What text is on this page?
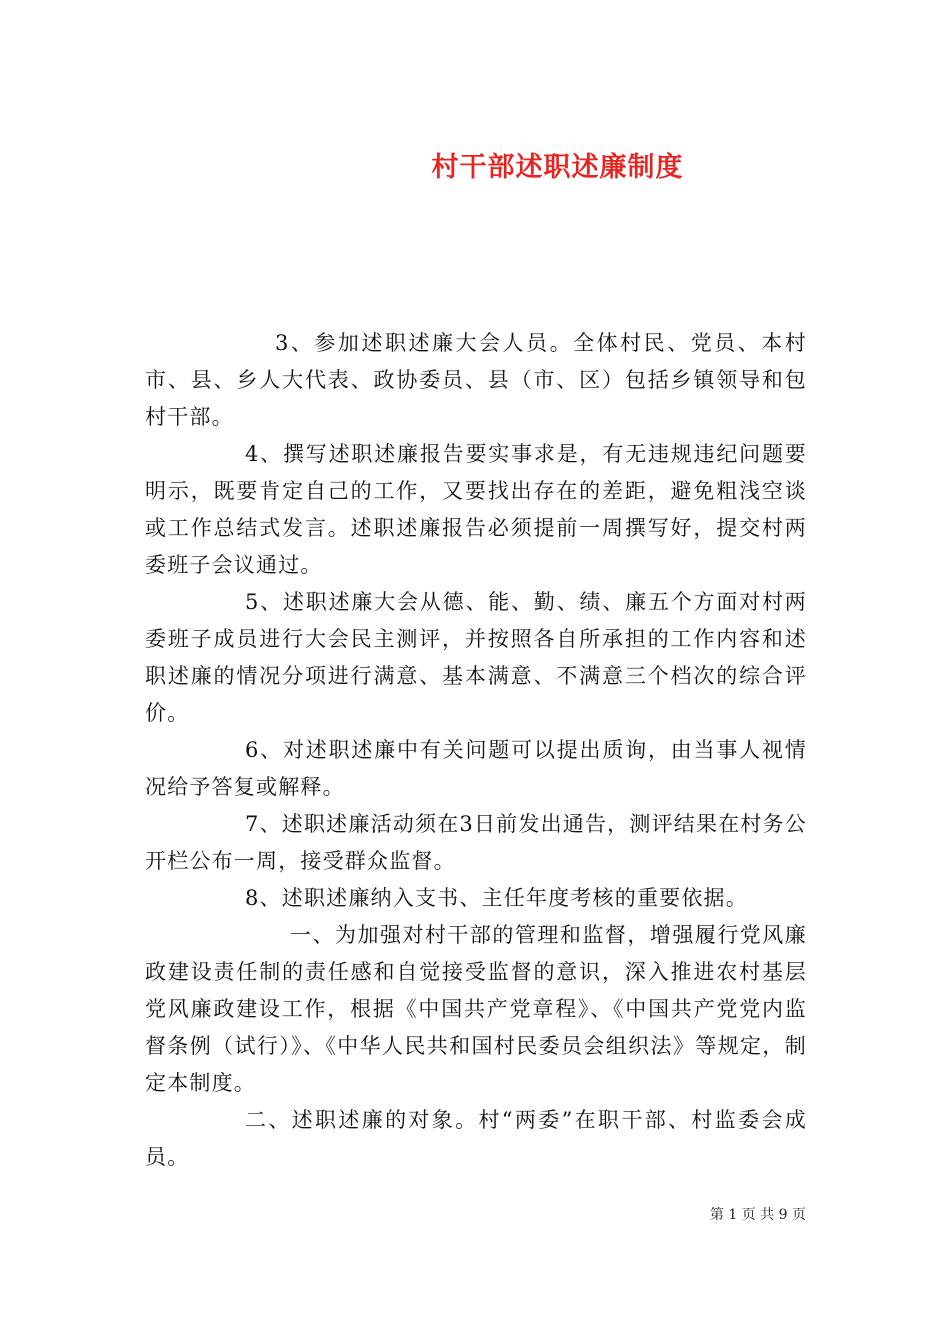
村干部述职述廉制度

3、参加述职述廉大会人员。全体村民、党员、本村市、县、乡人大代表、政协委员、县（市、区）包括乡镇领导和包村干部。

4、撰写述职述廉报告要实事求是，有无违规违纪问题要明示，既要肯定自己的工作，又要找出存在的差距，避免粗浅空谈或工作总结式发言。述职述廉报告必须提前一周撰写好，提交村两委班子会议通过。

5、述职述廉大会从德、能、勤、绩、廉五个方面对村两委班子成员进行大会民主测评，并按照各自所承担的工作内容和述职述廉的情况分项进行满意、基本满意、不满意三个档次的综合评价。

6、对述职述廉中有关问题可以提出质询，由当事人视情况给予答复或解释。

7、述职述廉活动须在3日前发出通告，测评结果在村务公开栏公布一周，接受群众监督。

8、述职述廉纳入支书、主任年度考核的重要依据。

一、为加强对村干部的管理和监督，增强履行党风廉政建设责任制的责任感和自觉接受监督的意识，深入推进农村基层党风廉政建设工作，根据《中国共产党章程》、《中国共产党党内监督条例（试行）》、《中华人民共和国村民委员会组织法》等规定，制定本制度。

二、述职述廉的对象。村“两委”在职干部、村监委会成员。

第 1 页 共 9 页
